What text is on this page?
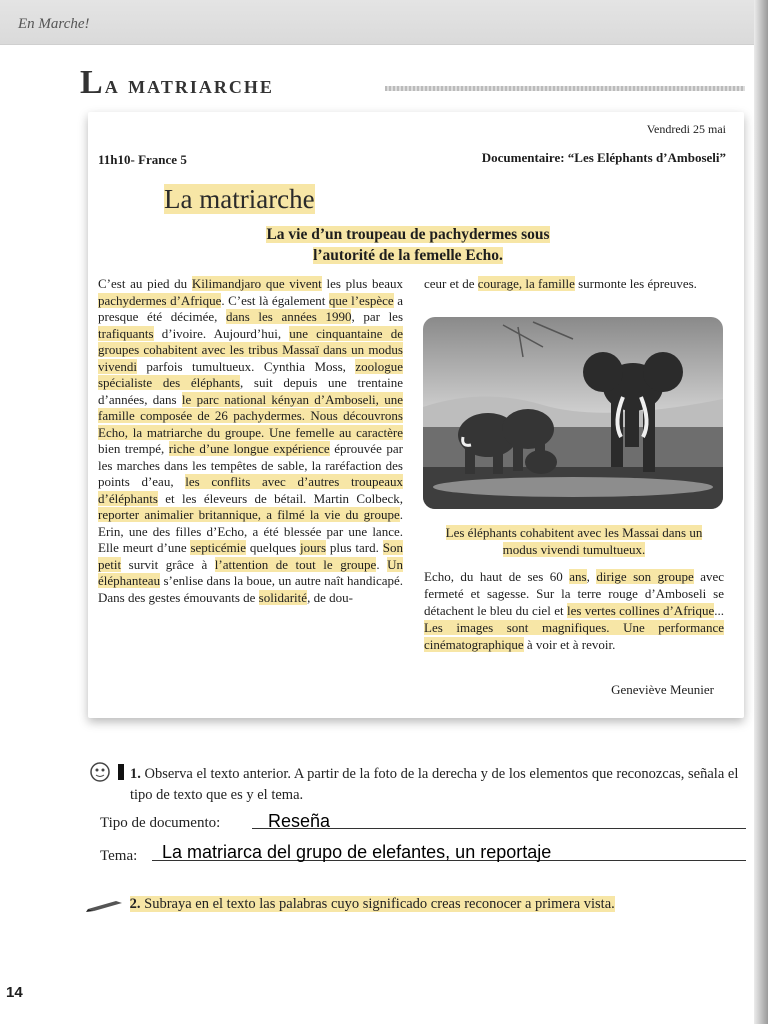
En Marche!
La matriarche
Vendredi 25 mai
11h10- France 5	Documentaire: “Les Eléphants d’Amboseli”
La matriarche
La vie d’un troupeau de pachydermes sous
l’autorité de la femelle Echo.
C’est au pied du Kilimandjaro que vivent les plus beaux pachydermes d’Afrique. C’est là également que l’espèce a presque été décimée, dans les années 1990, par les trafiquants d’ivoire. Aujourd’hui, une cinquantaine de groupes cohabitent avec les tribus Massaï dans un modus vivendi parfois tumultueux. Cynthia Moss, zoologue spécialiste des éléphants, suit depuis une trentaine d’années, dans le parc national kényan d’Amboseli, une famille composée de 26 pachydermes. Nous découvrons Echo, la matriarche du groupe. Une femelle au caractère bien trempé, riche d’une longue expérience éprouvée par les marches dans les tempêtes de sable, la raréfaction des points d’eau, les conflits avec d’autres troupeaux d’éléphants et les éleveurs de bétail. Martin Colbeck, reporter animalier britannique, a filmé la vie du groupe. Erin, une des filles d’Echo, a été blessée par une lance. Elle meurt d’une septicémie quelques jours plus tard. Son petit survit grâce à l’attention de tout le groupe. Un éléphanteau s’enlise dans la boue, un autre naît handicapé. Dans des gestes émouvants de solidarité, de dou-
ceur et de courage, la famille surmonte les épreuves.
Les éléphants cohabitent avec les Massai dans un modus vivendi tumultueux.
Echo, du haut de ses 60 ans, dirige son groupe avec fermeté et sagesse. Sur la terre rouge d’Amboseli se détachent le bleu du ciel et les vertes collines d’Afrique... Les images sont magnifiques. Une performance cinématographique à voir et à revoir.
Geneviève Meunier
1. Observa el texto anterior. A partir de la foto de la derecha y de los elementos que reconozcas, señala el tipo de texto que es y el tema.
Tipo de documento:	Reseña
Tema: La matriarca del grupo de elefantes, un reportaje
2. Subraya en el texto las palabras cuyo significado creas reconocer a primera vista.
14
